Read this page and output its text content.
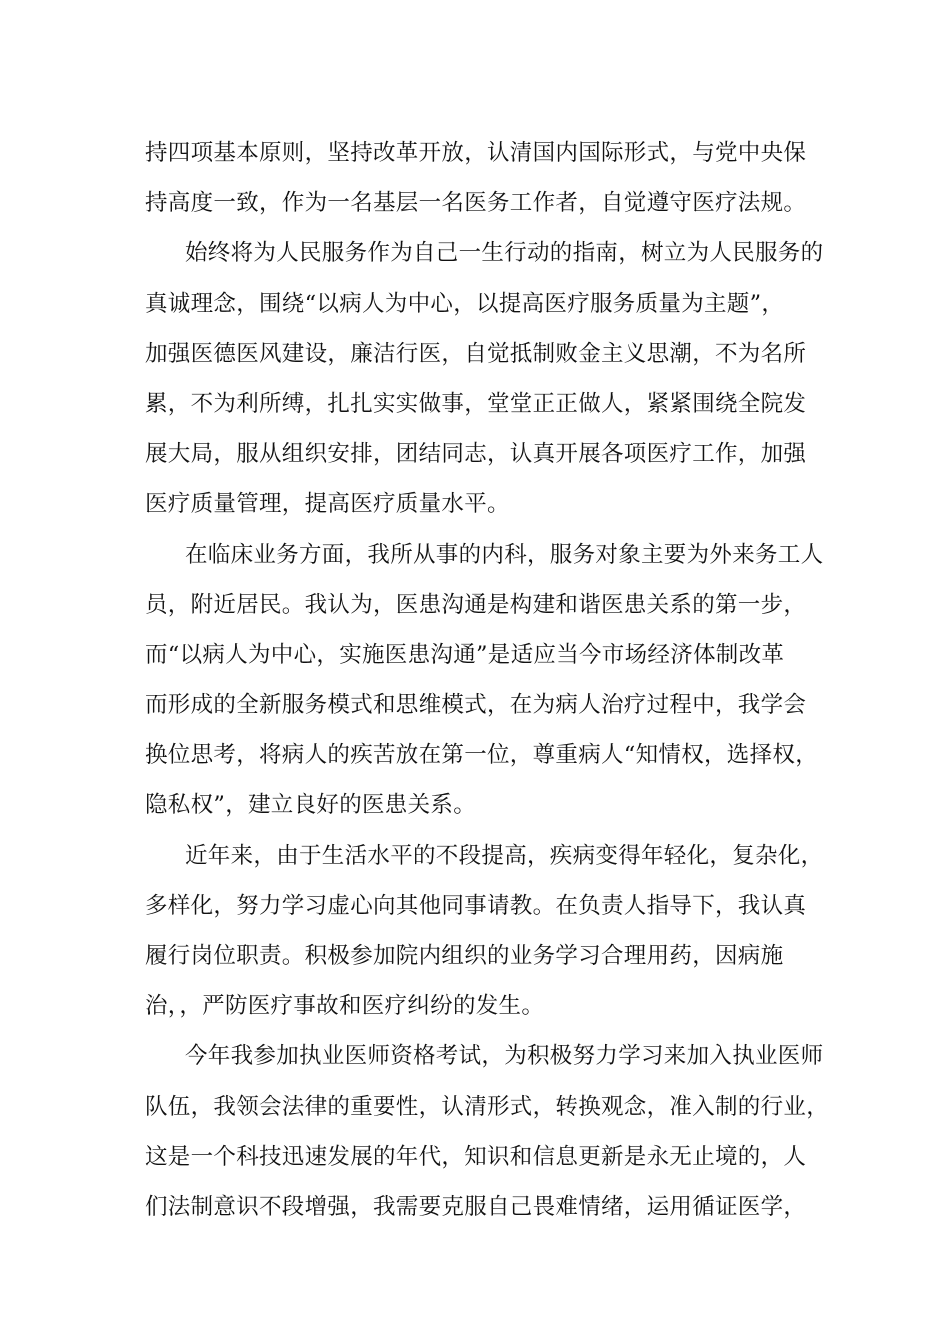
持四项基本原则，坚持改革开放，认清国内国际形式，与党中央保
持高度一致，作为一名基层一名医务工作者，自觉遵守医疗法规。
始终将为人民服务作为自己一生行动的指南，树立为人民服务的
真诚理念，围绕“以病人为中心，以提高医疗服务质量为主题”，
加强医德医风建设，廉洁行医，自觉抵制败金主义思潮，不为名所
累，不为利所缚，扎扎实实做事，堂堂正正做人，紧紧围绕全院发
展大局，服从组织安排，团结同志，认真开展各项医疗工作，加强
医疗质量管理，提高医疗质量水平。
在临床业务方面，我所从事的内科，服务对象主要为外来务工人
员，附近居民。我认为，医患沟通是构建和谐医患关系的第一步，
而“以病人为中心，实施医患沟通”是适应当今市场经济体制改革
而形成的全新服务模式和思维模式，在为病人治疗过程中，我学会
换位思考，将病人的疾苦放在第一位，尊重病人“知情权，选择权，
隐私权”，建立良好的医患关系。
近年来，由于生活水平的不段提高，疾病变得年轻化，复杂化，
多样化，努力学习虚心向其他同事请教。在负责人指导下，我认真
履行岗位职责。积极参加院内组织的业务学习合理用药，因病施
治，，严防医疗事故和医疗纠纷的发生。
今年我参加执业医师资格考试，为积极努力学习来加入执业医师
队伍，我领会法律的重要性，认清形式，转换观念，准入制的行业，
这是一个科技迅速发展的年代，知识和信息更新是永无止境的，人
们法制意识不段增强，我需要克服自己畏难情绪，运用循证医学，
